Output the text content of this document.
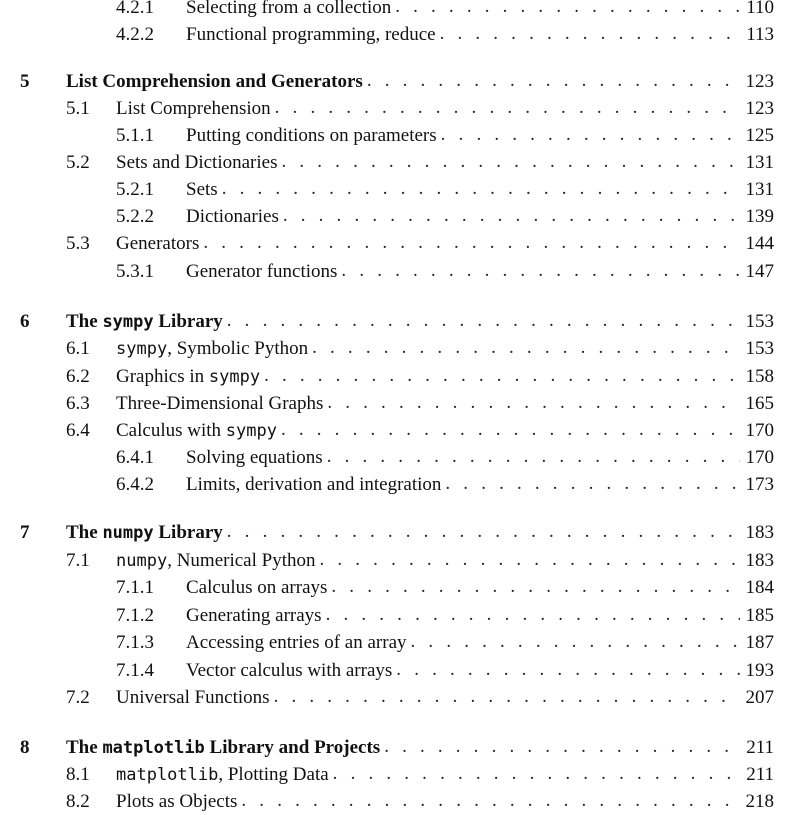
4.2.1 Selecting from a collection . . .	110
4.2.2 Functional programming, reduce . . .	113
5 List Comprehension and Generators . . .	123
5.1 List Comprehension . . .	123
5.1.1 Putting conditions on parameters . . .	125
5.2 Sets and Dictionaries . . .	131
5.2.1 Sets . . .	131
5.2.2 Dictionaries . . .	139
5.3 Generators . . .	144
5.3.1 Generator functions . . .	147
6 The sympy Library . . .	153
6.1 sympy, Symbolic Python . . .	153
6.2 Graphics in sympy . . .	158
6.3 Three-Dimensional Graphs . . .	165
6.4 Calculus with sympy . . .	170
6.4.1 Solving equations . . .	170
6.4.2 Limits, derivation and integration . . .	173
7 The numpy Library . . .	183
7.1 numpy, Numerical Python . . .	183
7.1.1 Calculus on arrays . . .	184
7.1.2 Generating arrays . . .	185
7.1.3 Accessing entries of an array . . .	187
7.1.4 Vector calculus with arrays . . .	193
7.2 Universal Functions . . .	207
8 The matplotlib Library and Projects . . .	211
8.1 matplotlib, Plotting Data . . .	211
8.2 Plots as Objects . . .	218
